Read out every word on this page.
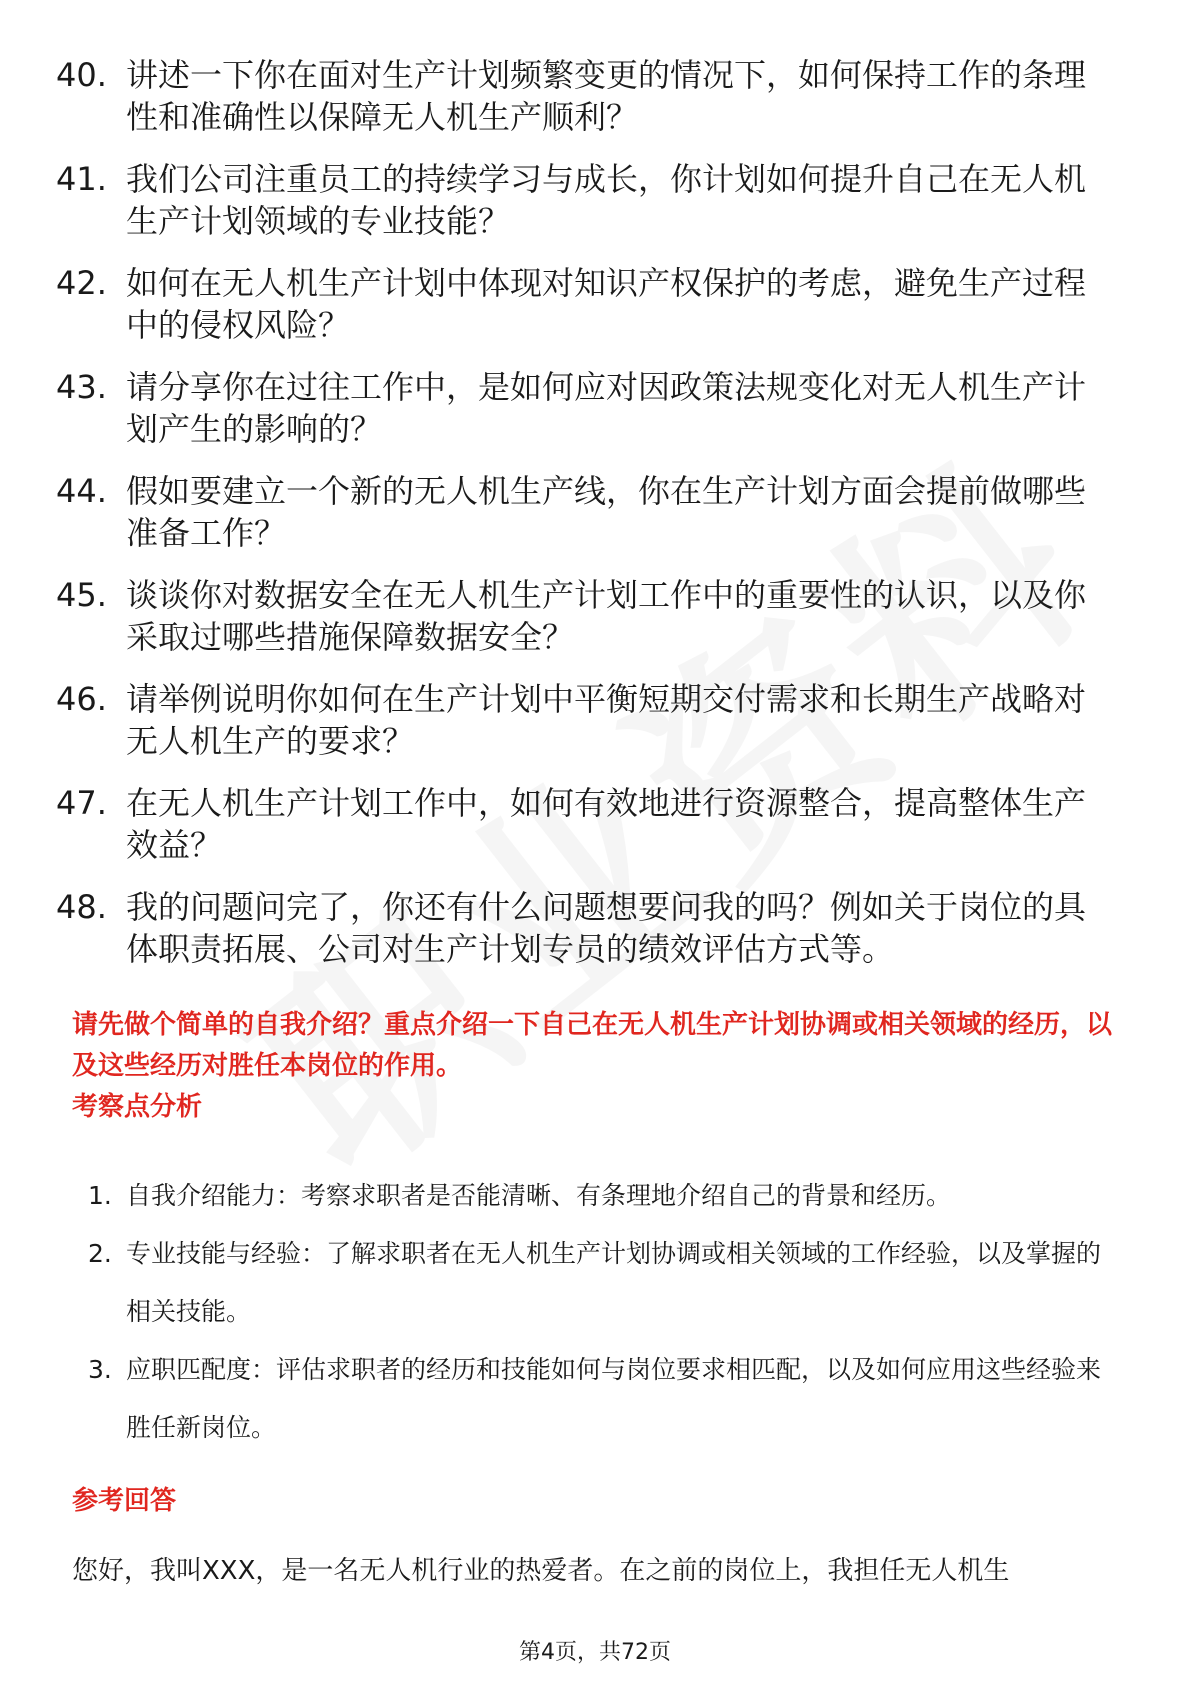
40. 讲述一下你在面对生产计划频繁变更的情况下，如何保持工作的条理性和准确性以保障无人机生产顺利？
41. 我们公司注重员工的持续学习与成长，你计划如何提升自己在无人机生产计划领域的专业技能？
42. 如何在无人机生产计划中体现对知识产权保护的考虑，避免生产过程中的侵权风险？
43. 请分享你在过往工作中，是如何应对因政策法规变化对无人机生产计划产生的影响的？
44. 假如要建立一个新的无人机生产线，你在生产计划方面会提前做哪些准备工作？
45. 谈谈你对数据安全在无人机生产计划工作中的重要性的认识，以及你采取过哪些措施保障数据安全？
46. 请举例说明你如何在生产计划中平衡短期交付需求和长期生产战略对无人机生产的要求？
47. 在无人机生产计划工作中，如何有效地进行资源整合，提高整体生产效益？
48. 我的问题问完了，你还有什么问题想要问我的吗？例如关于岗位的具体职责拓展、公司对生产计划专员的绩效评估方式等。
请先做个简单的自我介绍？重点介绍一下自己在无人机生产计划协调或相关领域的经历，以及这些经历对胜任本岗位的作用。
考察点分析
1. 自我介绍能力：考察求职者是否能清晰、有条理地介绍自己的背景和经历。
2. 专业技能与经验：了解求职者在无人机生产计划协调或相关领域的工作经验，以及掌握的相关技能。
3. 应职匹配度：评估求职者的经历和技能如何与岗位要求相匹配，以及如何应用这些经验来胜任新岗位。
参考回答
您好，我叫XXX，是一名无人机行业的热爱者。在之前的岗位上，我担任无人机生
第4页，共72页
